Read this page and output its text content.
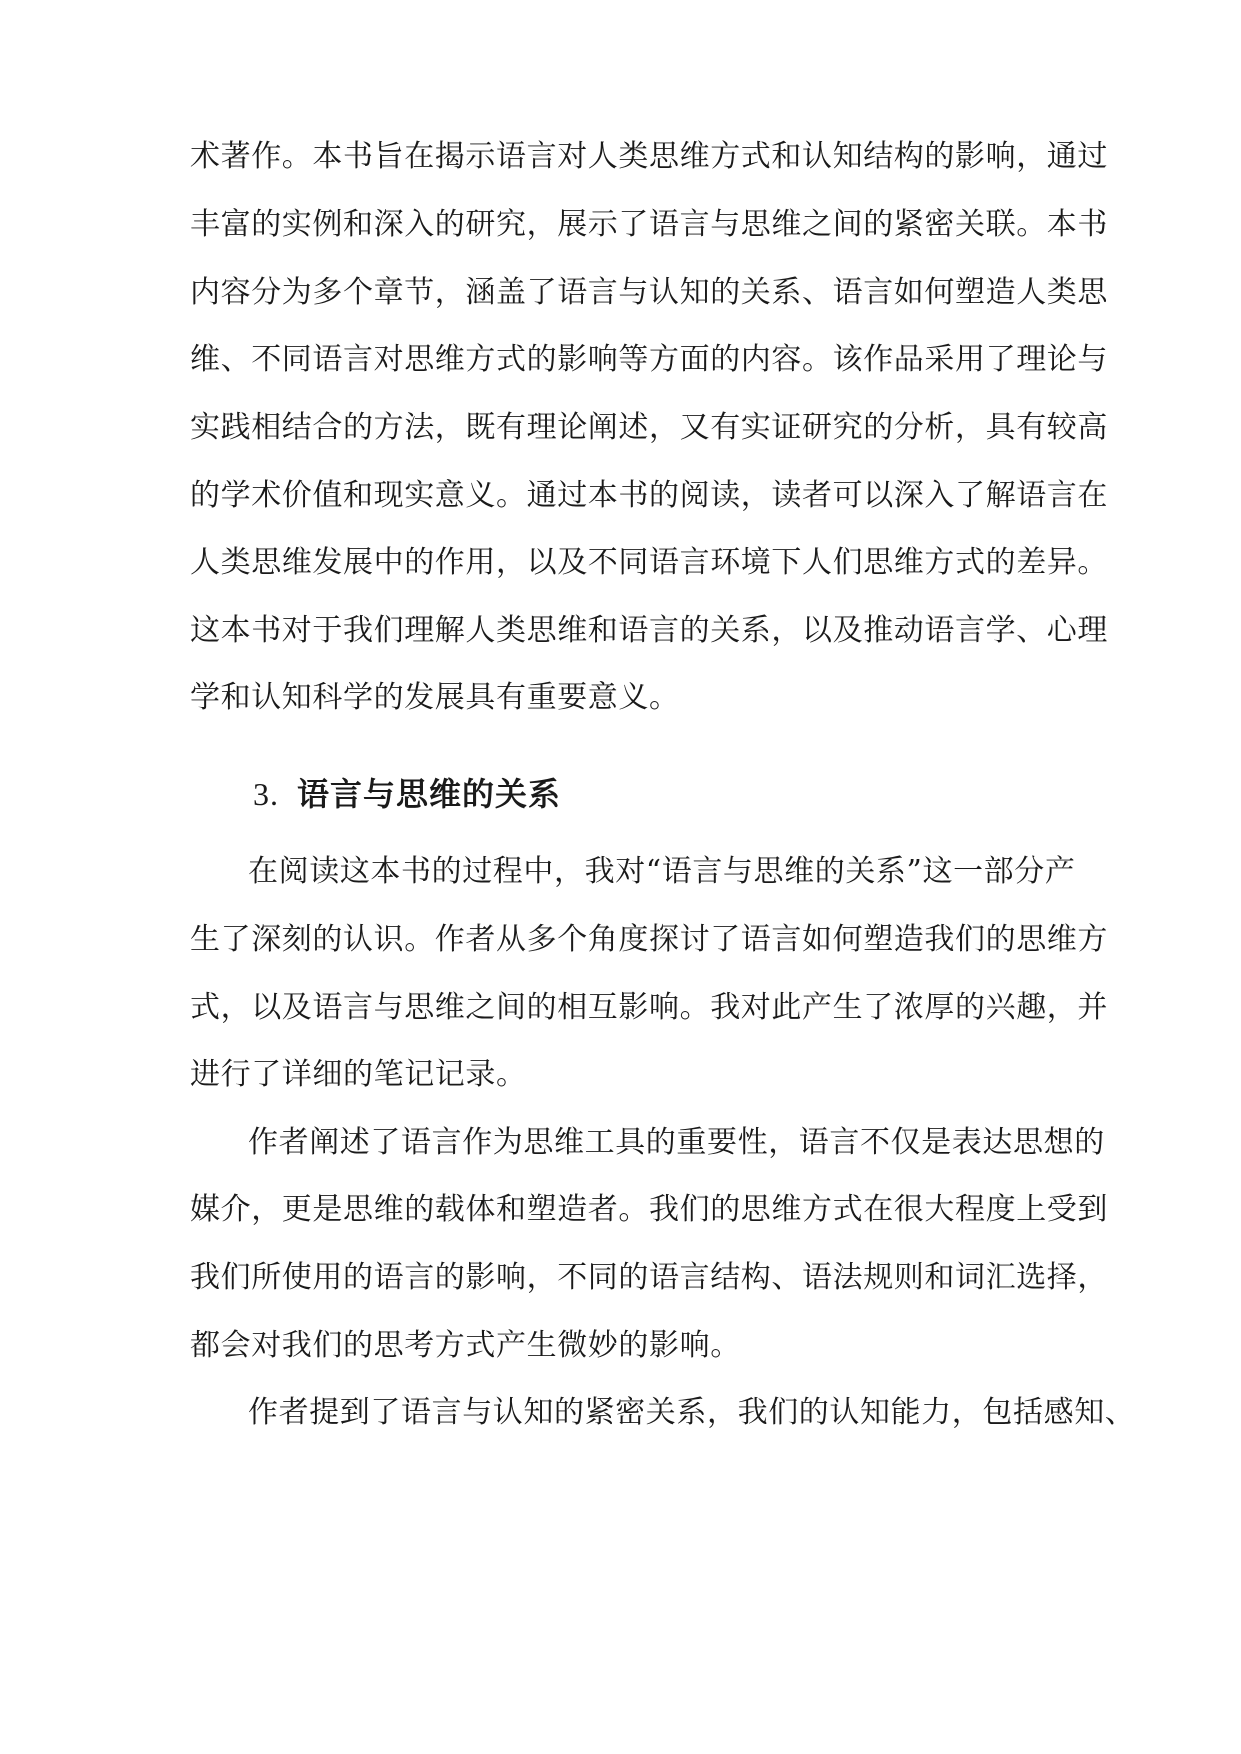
术著作。本书旨在揭示语言对人类思维方式和认知结构的影响，通过
丰富的实例和深入的研究，展示了语言与思维之间的紧密关联。本书
内容分为多个章节，涵盖了语言与认知的关系、语言如何塑造人类思
维、不同语言对思维方式的影响等方面的内容。该作品采用了理论与
实践相结合的方法，既有理论阐述，又有实证研究的分析，具有较高
的学术价值和现实意义。通过本书的阅读，读者可以深入了解语言在
人类思维发展中的作用，以及不同语言环境下人们思维方式的差异。
这本书对于我们理解人类思维和语言的关系，以及推动语言学、心理
学和认知科学的发展具有重要意义。
3. 语言与思维的关系
在阅读这本书的过程中，我对“语言与思维的关系”这一部分产
生了深刻的认识。作者从多个角度探讨了语言如何塑造我们的思维方
式，以及语言与思维之间的相互影响。我对此产生了浓厚的兴趣，并
进行了详细的笔记记录。
作者阐述了语言作为思维工具的重要性，语言不仅是表达思想的
媒介，更是思维的载体和塑造者。我们的思维方式在很大程度上受到
我们所使用的语言的影响，不同的语言结构、语法规则和词汇选择，
都会对我们的思考方式产生微妙的影响。
作者提到了语言与认知的紧密关系，我们的认知能力，包括感知、
